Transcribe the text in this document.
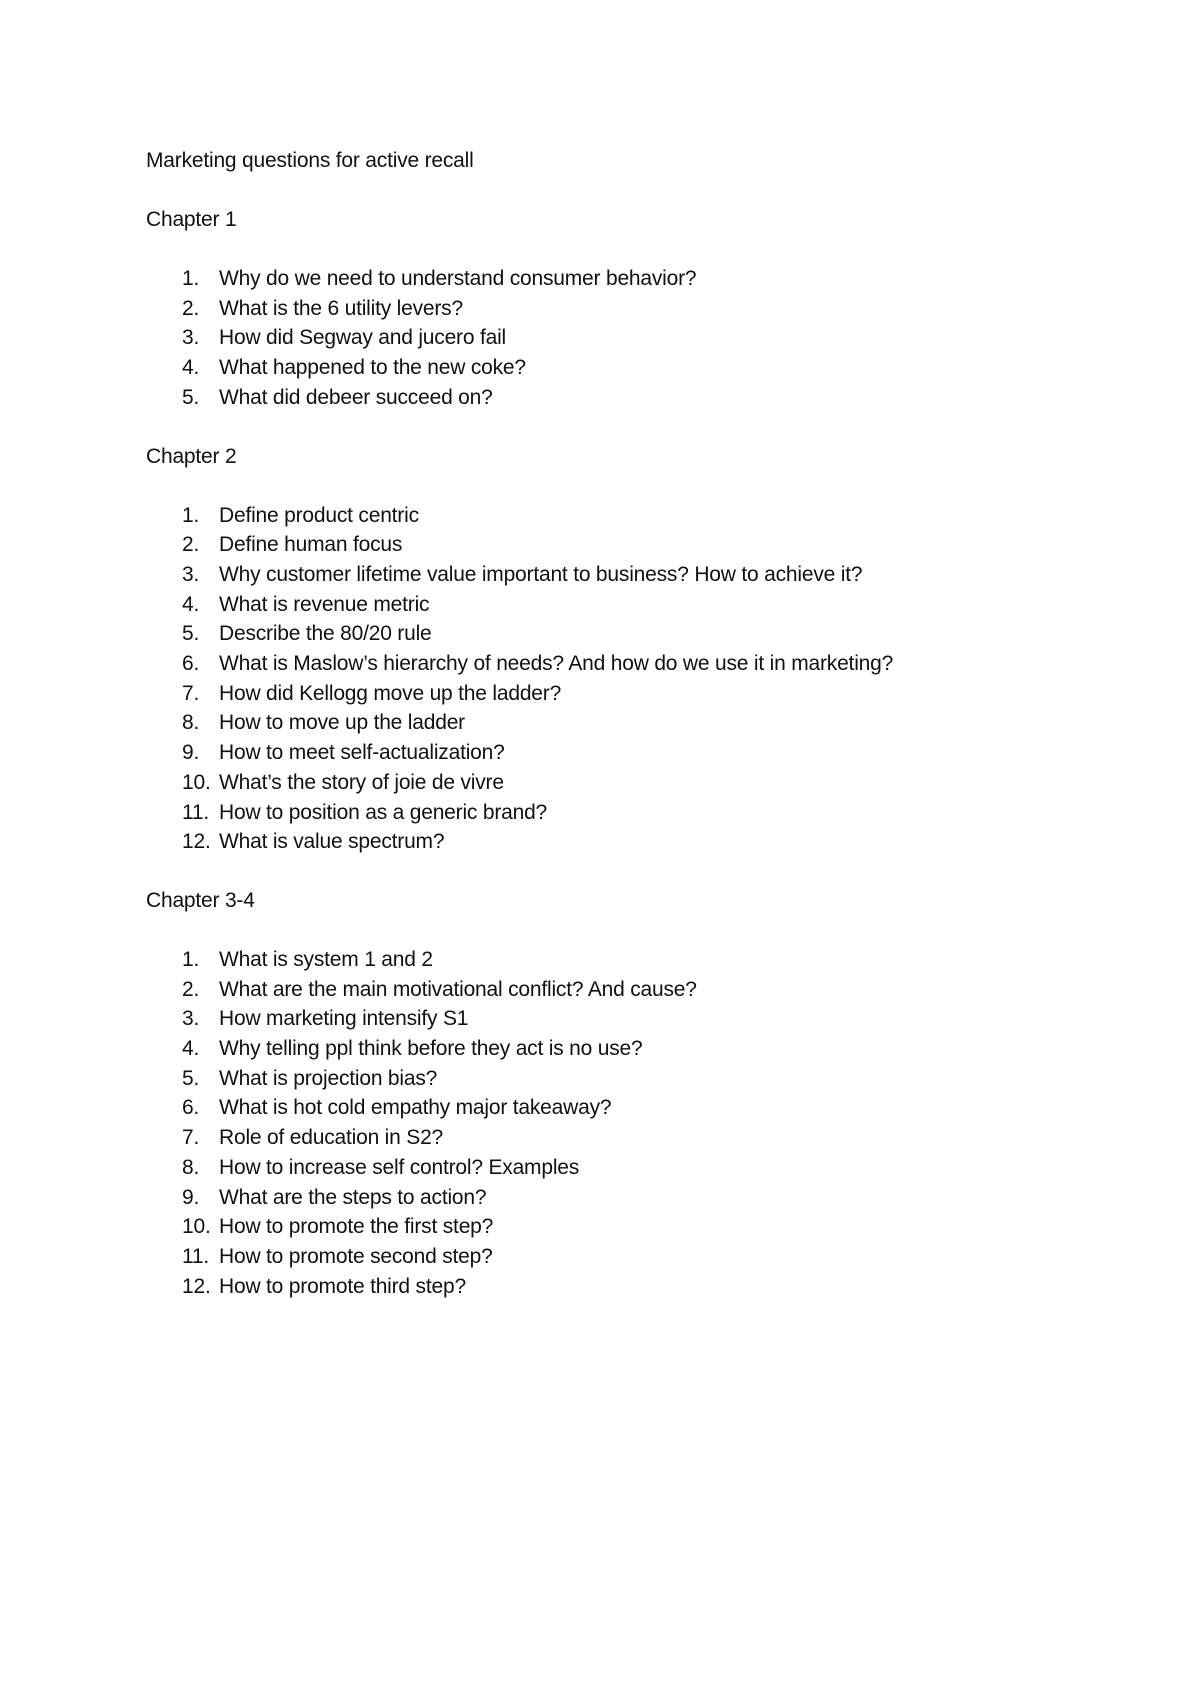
Marketing questions for active recall

Chapter 1

1. Why do we need to understand consumer behavior?
2. What is the 6 utility levers?
3. How did Segway and jucero fail
4. What happened to the new coke?
5. What did debeer succeed on?

Chapter 2

1. Define product centric
2. Define human focus
3. Why customer lifetime value important to business? How to achieve it?
4. What is revenue metric
5. Describe the 80/20 rule
6. What is Maslow’s hierarchy of needs? And how do we use it in marketing?
7. How did Kellogg move up the ladder?
8. How to move up the ladder
9. How to meet self-actualization?
10. What’s the story of joie de vivre
11. How to position as a generic brand?
12. What is value spectrum?

Chapter 3-4

1. What is system 1 and 2
2. What are the main motivational conflict? And cause?
3. How marketing intensify S1
4. Why telling ppl think before they act is no use?
5. What is projection bias?
6. What is hot cold empathy major takeaway?
7. Role of education in S2?
8. How to increase self control? Examples
9. What are the steps to action?
10. How to promote the first step?
11. How to promote second step?
12. How to promote third step?
